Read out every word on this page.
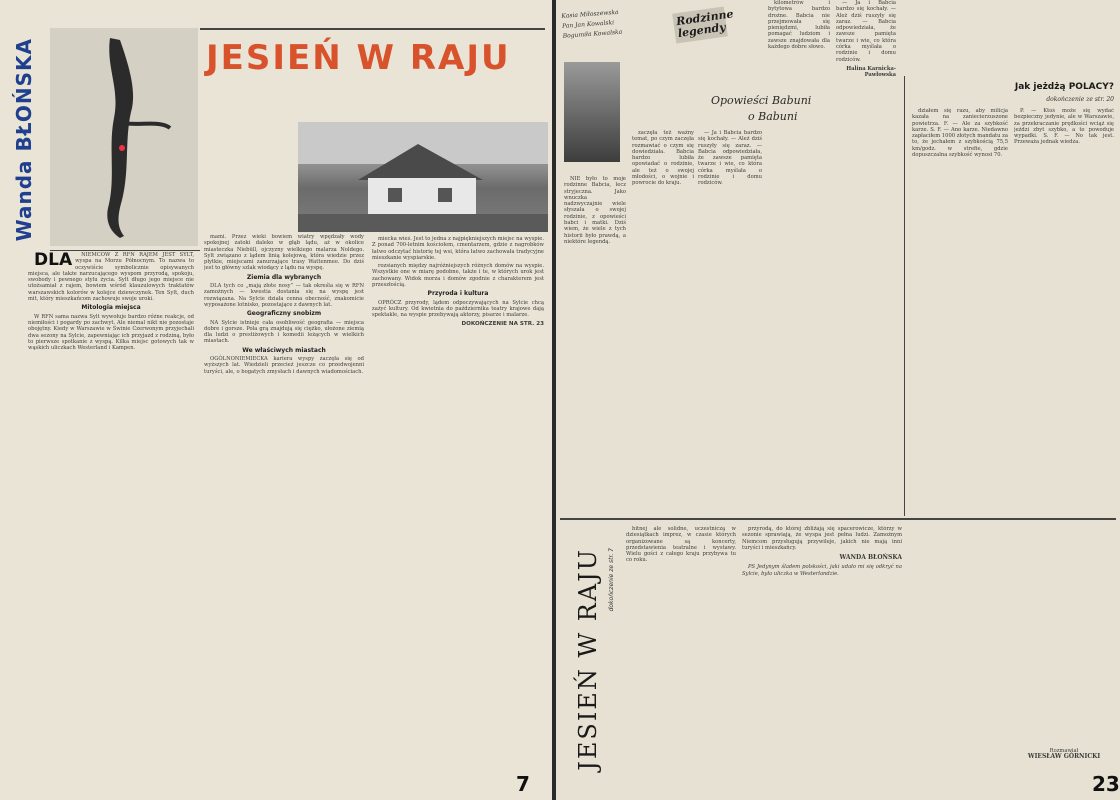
Wanda BŁOŃSKA	JESIEŃ W RAJU

DLA NIEMCÓW Z RFN RAJEM JEST SYLT, wyspa na Morzu Północnym. To nazwa to oczywiście symbolicznie opisywanych miejsca, ale także narzucającego wyspom przyrodą, spokoju, swobody i pewnego stylu życia. Sylt długo jego miejsce nie utożsamiał z rajem, bowiem wśród klauzulowych traktatów warszawskich kolorów w kolejce dziewczynek. Ten Sylt, duch mit, który mieszkańcom zachowuje swoje uroki.

Mitologia miejsca

W RFN sama nazwa Sylt wywołuje bardzo różne reakcje, od niemiłości i pogardy po zachwyt. Ale niemal nikt nie pozostaje obojętny. Kiedy w Warszawie w Świnie Czerwonym przyjechali dwa sezony na Sylcie, zapewniając ich przyjazd z rodziną, było to pierwsze spotkanie z wyspą. Kilka miejsc gotowych tak w wąskich uliczkach Westerland i Kampen.

mami. Przez wieki bowiem wiatry wpędzały wody spokojnej zatoki daleko w głąb lądu, aż w okolice miasteczka Niebüll, ojczyzny wielkiego malarza Noldego. Sylt związano z lądem linią kolejową, która wiedzie przez płytkie, miejscami zanurzające trasy Wattenmee. Do dziś jest to główny szlak wiodący z lądu na wyspę.

Ziemia dla wybranych

DLA tych co „mają złote nosy” — tak określa się w RFN zamożnych — kwestia dostania się na wyspę jest rozwiązana. Na Sylcie działa cenna obecność, znakomicie wyposażone lotnisko, pozostające z dawnych lat.

Geograficzny snobizm

NA Sylcie istnieje cała osobliwość geografia — miejsca dobre i gorsze. Pola grą znajdują się ciężko, ułożone ziemią dla ludzi o prestiżowych i komedii leżących w wielkich miastach.

We właściwych miastach

OGÓLNONIEMIECKA kariera wyspy zaczęła się od wyższych lat. Wiedzieli przecież jeszcze co przedwojenni turyści, ale, o bogatych zmysłach i dawnych wiadomościach.

miecka wieś. Jest to jedna z najpiękniejszych miejsc na wyspie. Z ponad 700-letnim kościołem, cmentarzem, gdzie z nagrobków łatwo odczytać historię tej wsi, która łatwo zachowała tradycyjne mieszkanie wyspiarskie.

rozsianych między najróżniejszych różnych domów na wyspie. Wszystkie one w miarę podobne, także i te, w których urok jest zachowany. Widok morza i domów zgodnie z charakterem jest przeszłością.

Przyroda i kultura

OPRÓCZ przyrody, lądem odpoczywających na Sylcie chcą zażyć kultury. Od kwietnia do października teatry krajowe dają spektakle, na wyspie przebywają aktorzy, pisarze i malarze.

DOKOŃCZENIE NA STR. 23
7
Kasia Miłoszewska
Pan Jan Kowalski
Bogumiła Kowalska
Rodzinne legendy
Opowieści Babuni
o Babuni

NIE było to moje rodzinne Babcia, lecz stryjeczna. Jako wnuczka nadzwyczajnie wiele słyszała o swojej rodzinie, z opowieści babci i matki. Dziś wiem, że wiele z tych historii było prawdą, a niektóre legendą.

zaczęła też ważny temat, po czym zaczęła rozmawiać o czym się dowiedziała. Babcia bardzo lubiła opowiadać o rodzinie, ale też o swojej młodości, o wojnie i powrocie do kraju.

— Ja i Babcia bardzo się kochały. — Ależ dziś ruszyły się zaraz. — Babcia odpowiedziała, że zawsze pamięta twarze i wie, co która córka myślała o rodzinie i domu rodziców.

kilometrów i bytytowa bardzo drożne. Babcia nie przejmowała się pieniędzmi, lubiła pomagać ludziom i zawsze znajdowała dla każdego dobre słowo.

— Ja i Babcia bardzo się kochały. — Ależ dziś ruszyły się zaraz. — Babcia odpowiedziała, że zawsze pamięta twarze i wie, co która córka myślała o rodzinie i domu rodziców.

Halina Karnicka-Pawłowska
Jak jeżdżą POLACY?
dokończenie ze str. 20

działem się razu, aby milicja kazała na zaniecierzuszone powietrza. F. — Ale za szybkość karze. S. F. — Ano karze. Niedawno zapłaciłem 1000 złotych mandatu za to, że jechałem z szybkością 75,5 km/godz. w strefie, gdzie dopuszczalna szybkość wynosi 70.

P. — Ktoś może się wydać bezpieczny jedynie, ale w Warszawie, za przekraczanie prędkości wciąż się jeździ zbyt szybko, a to powoduje wypadki. S. F. — No tak jest. Przeważa jednak wiedza.

JESIEŃ W RAJU dokończenie ze str. 7

bitnej ale solidne, uczestniczą w dziesiątkach imprez, w czasie których organizowane są koncerty, przedstawienia teatralne i wystawy. Wielu gości z całego kraju przybywa tu co roku.

przyrodą, do której zbliżają się spacerowicze, którzy w sezonie sprawiają, że wyspa jest pełna ludzi. Zamożnym Niemcom przysługują przywileje, jakich nie mają inni turyści i mieszkańcy.

WANDA BŁOŃSKA

PS Jedynym śladem polskości, jaki udało mi się odkryć na Sylcie, była uliczka w Westerlandzie.

Rozmawiał
WIESŁAW GÓRNICKI
23
